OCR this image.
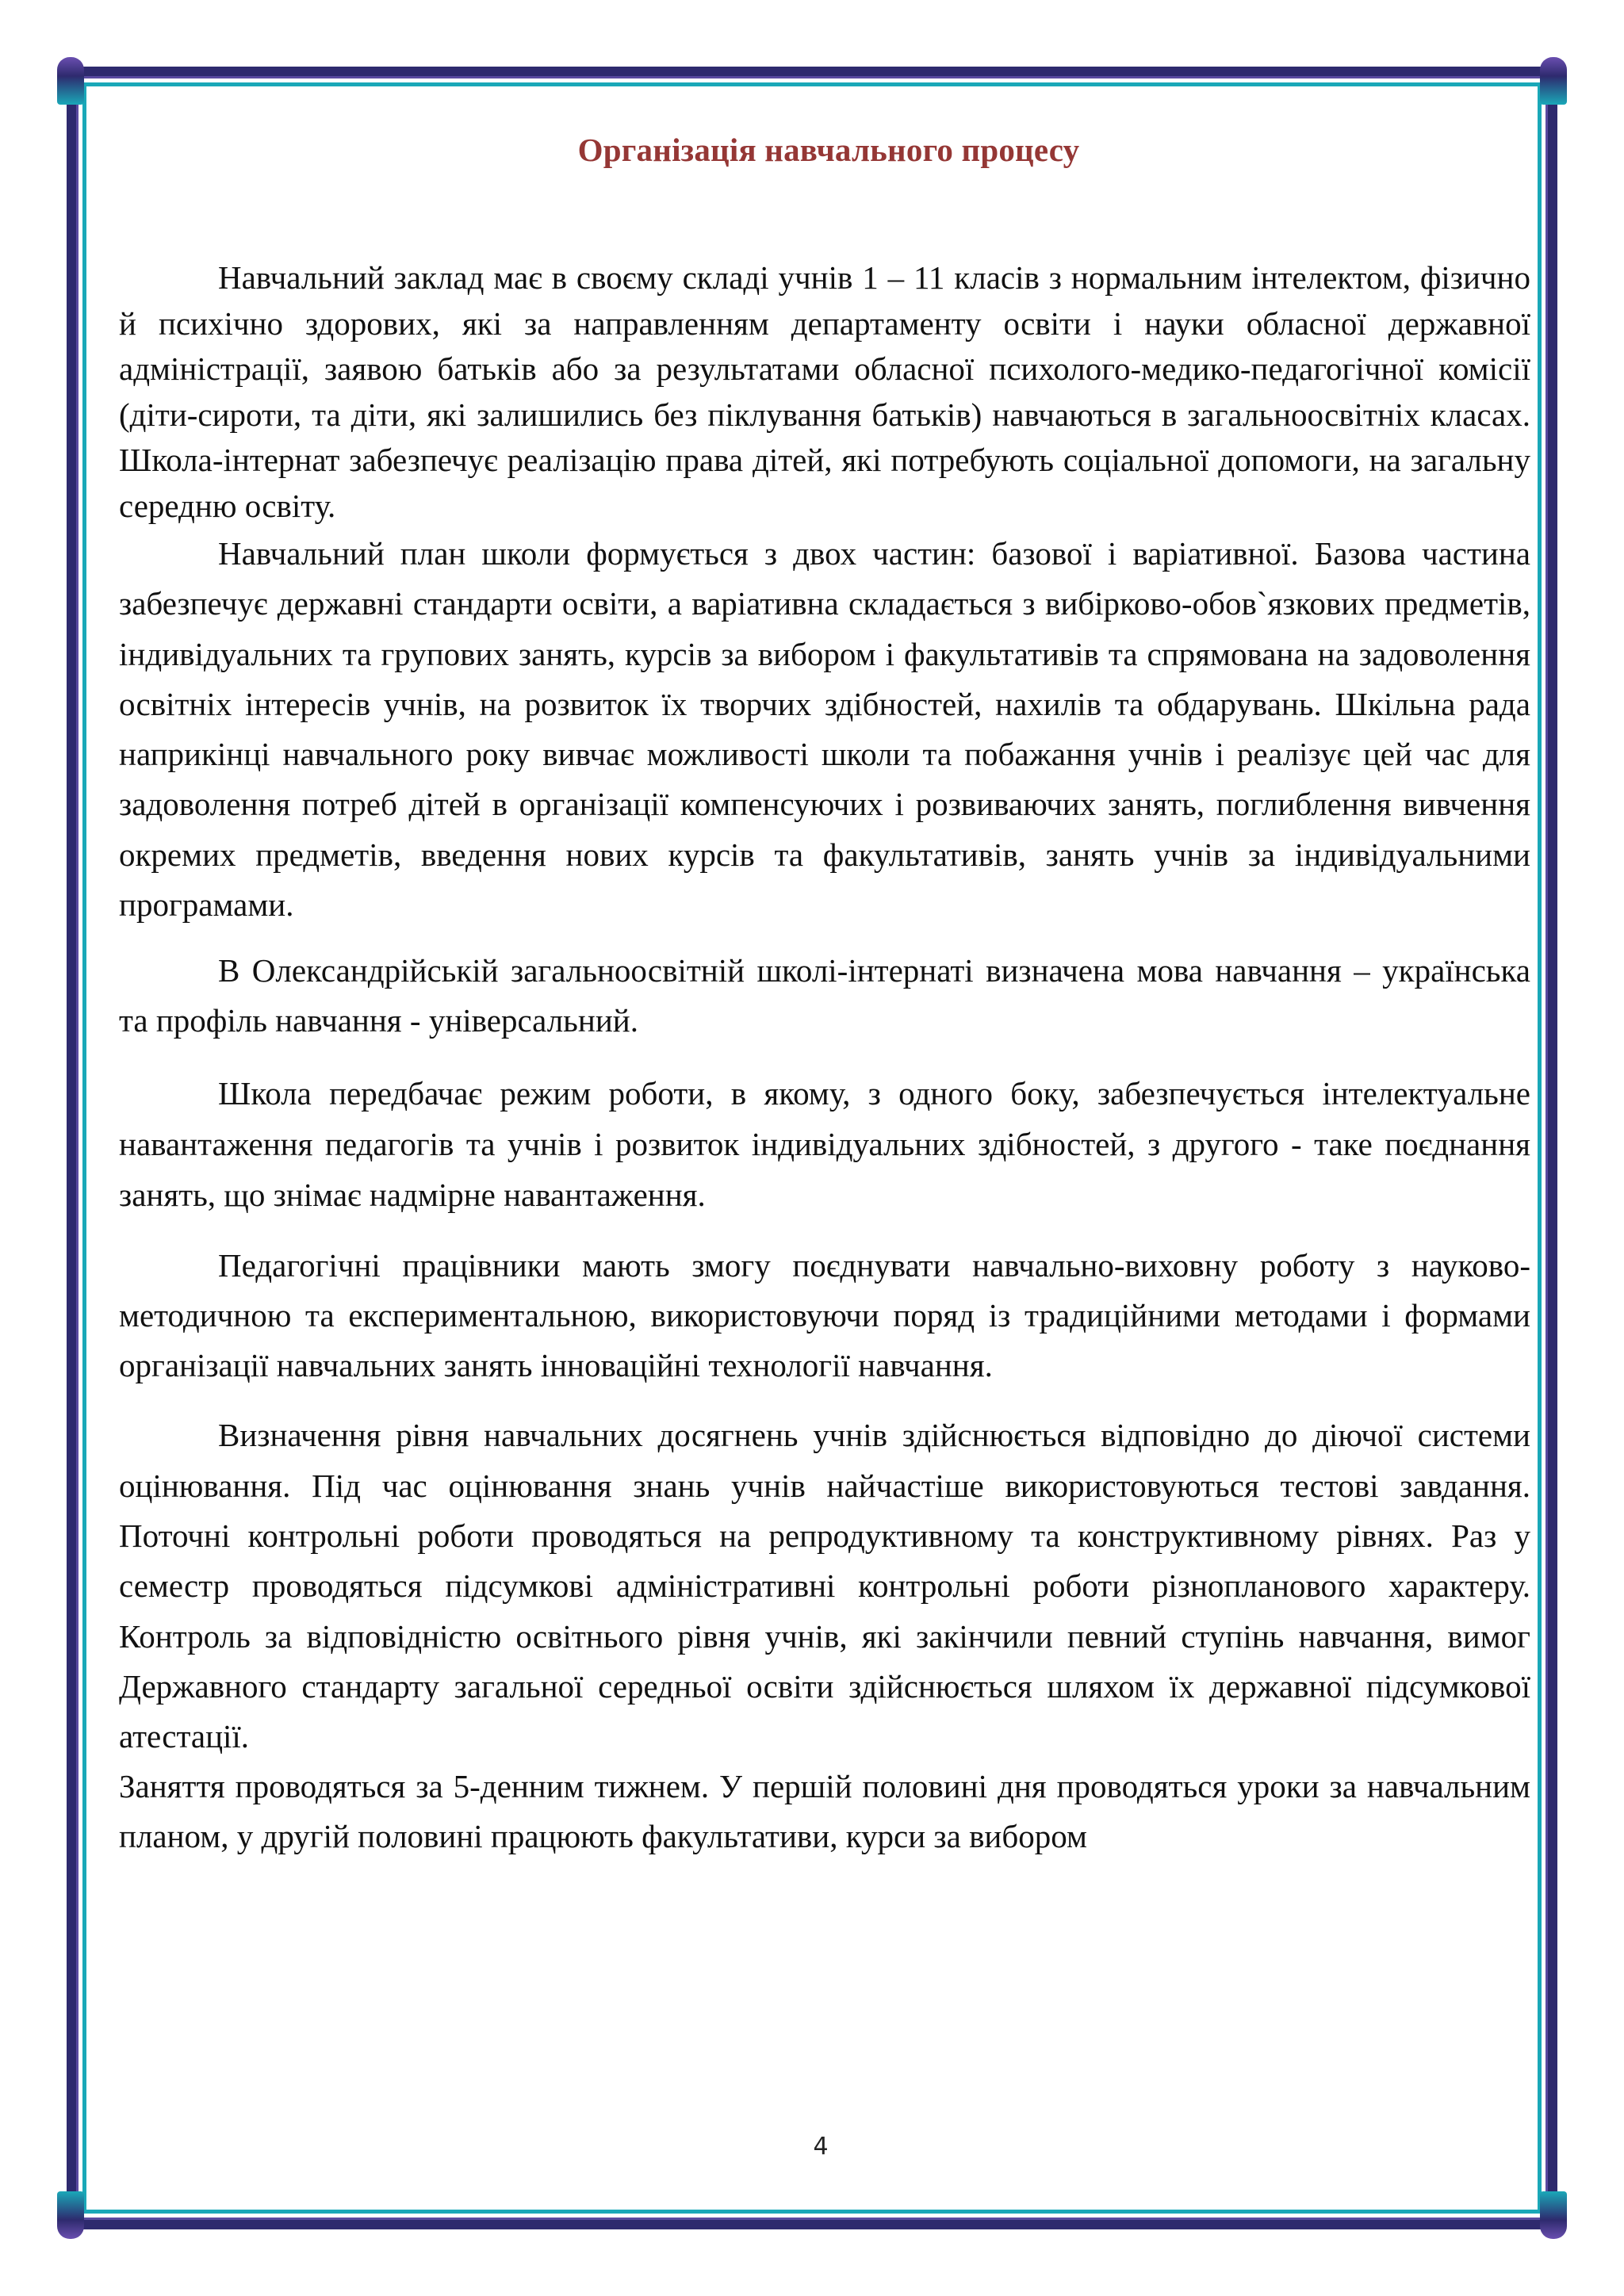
Організація навчального процесу

Навчальний заклад має в своєму складі учнів 1 – 11 класів з нормальним інтелектом, фізично й психічно здорових, які за направленням департаменту освіти і науки обласної державної адміністрації, заявою батьків або за результатами обласної психолого-медико-педагогічної комісії (діти-сироти, та діти, які залишились без піклування батьків) навчаються в загальноосвітніх класах. Школа-інтернат забезпечує реалізацію права дітей, які потребують соціальної допомоги, на загальну середню освіту.

Навчальний план школи формується з двох частин: базової і варіативної. Базова частина забезпечує державні стандарти освіти, а варіативна складається з вибірково-обов`язкових предметів, індивідуальних та групових занять, курсів за вибором і факультативів та спрямована на задоволення освітніх інтересів учнів, на розвиток їх творчих здібностей, нахилів та обдарувань. Шкільна рада наприкінці навчального року вивчає можливості школи та побажання учнів і реалізує цей час для задоволення потреб дітей в організації компенсуючих і розвиваючих занять, поглиблення вивчення окремих предметів, введення нових курсів та факультативів, занять учнів за індивідуальними програмами.

В Олександрійській загальноосвітній школі-інтернаті визначена мова навчання – українська та профіль навчання - універсальний.

Школа передбачає режим роботи, в якому, з одного боку, забезпечується інтелектуальне навантаження педагогів та учнів і розвиток індивідуальних здібностей, з другого - таке поєднання занять, що знімає надмірне навантаження.

Педагогічні працівники мають змогу поєднувати навчально-виховну роботу з науково-методичною та експериментальною, використовуючи поряд із традиційними методами і формами організації навчальних занять інноваційні технології навчання.

Визначення рівня навчальних досягнень учнів здійснюється відповідно до діючої системи оцінювання. Під час оцінювання знань учнів найчастіше використовуються тестові завдання. Поточні контрольні роботи проводяться на репродуктивному та конструктивному рівнях. Раз у семестр проводяться підсумкові адміністративні контрольні роботи різнопланового характеру. Контроль за відповідністю освітнього рівня учнів, які закінчили певний ступінь навчання, вимог Державного стандарту загальної середньої освіти здійснюється шляхом їх державної підсумкової атестації.

Заняття проводяться за 5-денним тижнем. У першій половині дня проводяться уроки за навчальним планом, у другій половині працюють факультативи, курси за вибором

4
